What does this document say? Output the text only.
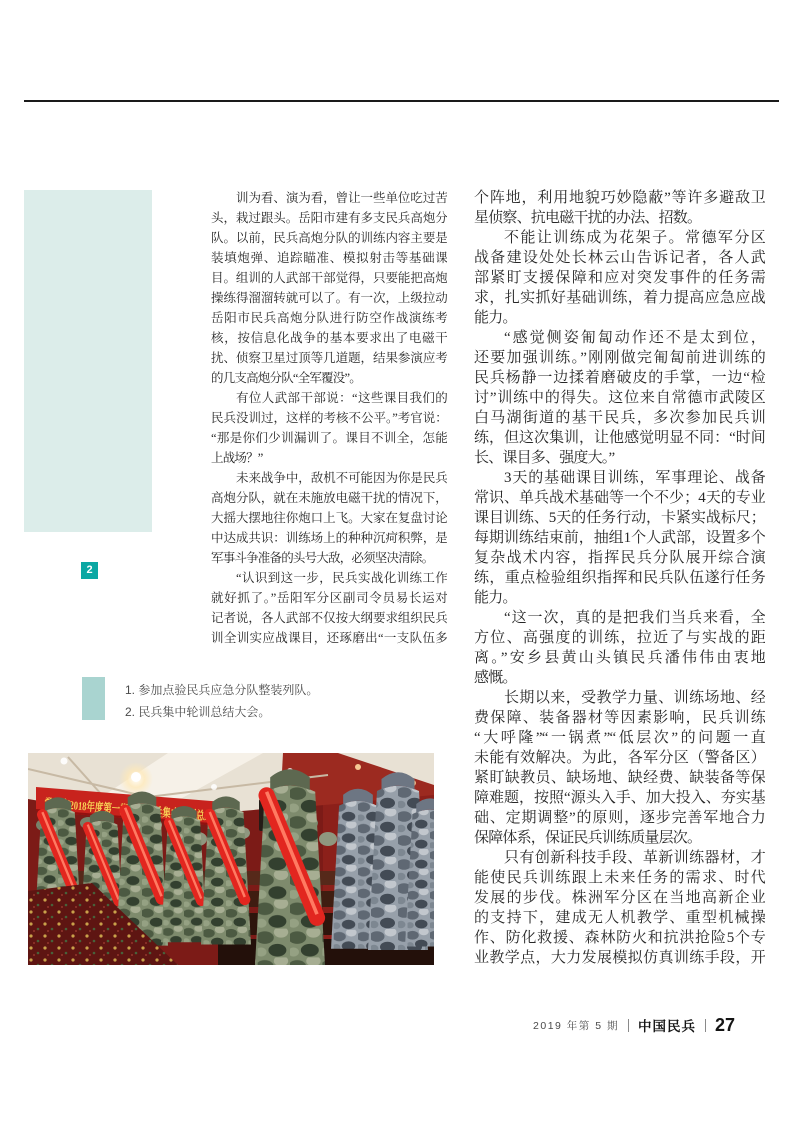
训为看、演为看，曾让一些单位吃过苦
头，栽过跟头。岳阳市建有多支民兵高炮分
队。以前，民兵高炮分队的训练内容主要是
装填炮弹、追踪瞄准、模拟射击等基础课
目。组训的人武部干部觉得，只要能把高炮
操练得溜溜转就可以了。有一次，上级拉动
岳阳市民兵高炮分队进行防空作战演练考
核，按信息化战争的基本要求出了电磁干
扰、侦察卫星过顶等几道题，结果参演应考
的几支高炮分队“全军覆没”。
有位人武部干部说：“这些课目我们的
民兵没训过，这样的考核不公平。”考官说：
“那是你们少训漏训了。课目不训全，怎能
上战场？”
未来战争中，敌机不可能因为你是民兵
高炮分队，就在未施放电磁干扰的情况下，
大摇大摆地往你炮口上飞。大家在复盘讨论
中达成共识：训练场上的种种沉疴积弊，是
军事斗争准备的头号大敌，必须坚决清除。
“认识到这一步，民兵实战化训练工作
就好抓了。”岳阳军分区副司令员易长运对
记者说，各人武部不仅按大纲要求组织民兵
训全训实应战课目，还琢磨出“一支队伍多
个阵地，利用地貌巧妙隐蔽”等许多避敌卫
星侦察、抗电磁干扰的办法、招数。
不能让训练成为花架子。常德军分区
战备建设处处长林云山告诉记者，各人武
部紧盯支援保障和应对突发事件的任务需
求，扎实抓好基础训练，着力提高应急应战
能力。
“感觉侧姿匍匐动作还不是太到位，
还要加强训练。”刚刚做完匍匐前进训练的
民兵杨静一边揉着磨破皮的手掌，一边“检
讨”训练中的得失。这位来自常德市武陵区
白马湖街道的基干民兵，多次参加民兵训
练，但这次集训，让他感觉明显不同：“时间
长、课目多、强度大。”
3天的基础课目训练，军事理论、战备
常识、单兵战术基础等一个不少；4天的专业
课目训练、5天的任务行动，卡紧实战标尺；
每期训练结束前，抽组1个人武部，设置多个
复杂战术内容，指挥民兵分队展开综合演
练，重点检验组织指挥和民兵队伍遂行任务
能力。
“这一次，真的是把我们当兵来看，全
方位、高强度的训练，拉近了与实战的距
离。”安乡县黄山头镇民兵潘伟伟由衷地
感慨。
长期以来，受教学力量、训练场地、经
费保障、装备器材等因素影响，民兵训练
“大呼隆”“一锅煮”“低层次”的问题一直
未能有效解决。为此，各军分区（警备区）
紧盯缺教员、缺场地、缺经费、缺装备等保
障难题，按照“源头入手、加大投入、夯实基
础、定期调整”的原则，逐步完善军地合力
保障体系，保证民兵训练质量层次。
只有创新科技手段、革新训练器材，才
能使民兵训练跟上未来任务的需求、时代
发展的步伐。株洲军分区在当地高新企业
的支持下，建成无人机教学、重型机械操
作、防化救援、森林防火和抗洪抢险5个专
业教学点，大力发展模拟仿真训练手段，开
1
2
1. 参加点验民兵应急分队整装列队。
2. 民兵集中轮训总结大会。
2019 年第 5 期 中国民兵 27
